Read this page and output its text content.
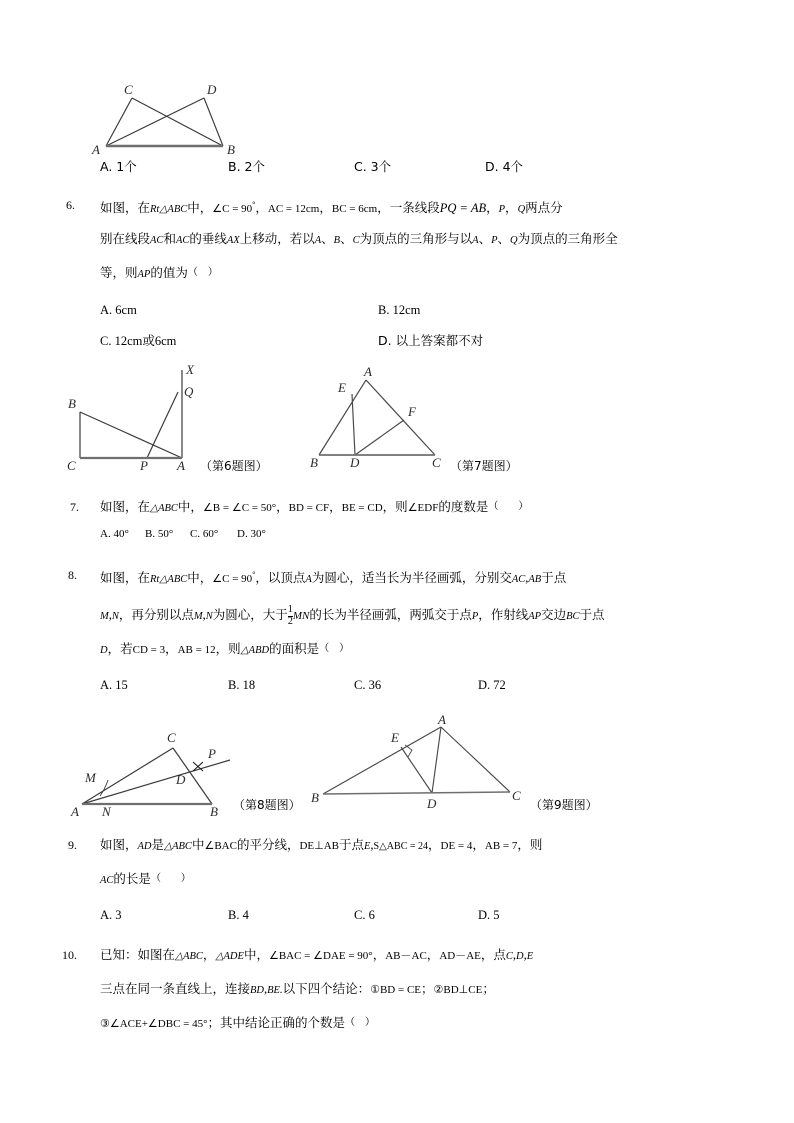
C	D
A	B
A. 1个	B. 2个	C. 3个	D. 4个
6. 如图，在Rt△ABC中，∠C = 90°，AC = 12cm，BC = 6cm，一条线段PQ = AB，P，Q两点分
别在线段AC和AC的垂线AX上移动，若以A、B、C为顶点的三角形与以A、P、Q为顶点的三角形全
等，则AP的值为（　）
A. 6cm	B. 12cm
C. 12cm或6cm	D. 以上答案都不对
X
Q
B
C	P A （第6题图）
A
E
F
B D	C （第7题图）
7. 如图，在△ABC中，∠B = ∠C = 50°，BD = CF，BE = CD，则∠EDF的度数是（　　）
A. 40° B. 50° C. 60° D. 30°
8. 如图，在Rt△ABC中，∠C = 90°，以顶点A为圆心，适当长为半径画弧，分别交AC,AB于点
M,N，再分别以点M,N为圆心，大于 $\frac{1}{2}$ MN的长为半径画弧，两弧交于点P，作射线AP交边BC于点
D，若CD = 3，AB = 12，则△ABD的面积是（　）
A. 15	B. 18	C. 36	D. 72
C
P
M	D
A N	B （第8题图）
A
E
B	D
C
（第9题图）
9. 如图，AD是△ABC中∠BAC的平分线，DE⊥AB于点E,S△ABC = 24，DE = 4，AB = 7，则
AC的长是（　　）
A. 3	B. 4	C. 6	D. 5
10. 已知：如图在△ABC，△ADE中，∠BAC = ∠DAE = 90°，AB－AC，AD－AE，点C,D,E
三点在同一条直线上，连接BD,BE.以下四个结论：①BD = CE；②BD⊥CE；
③∠ACE+∠DBC = 45°；其中结论正确的个数是（　）
